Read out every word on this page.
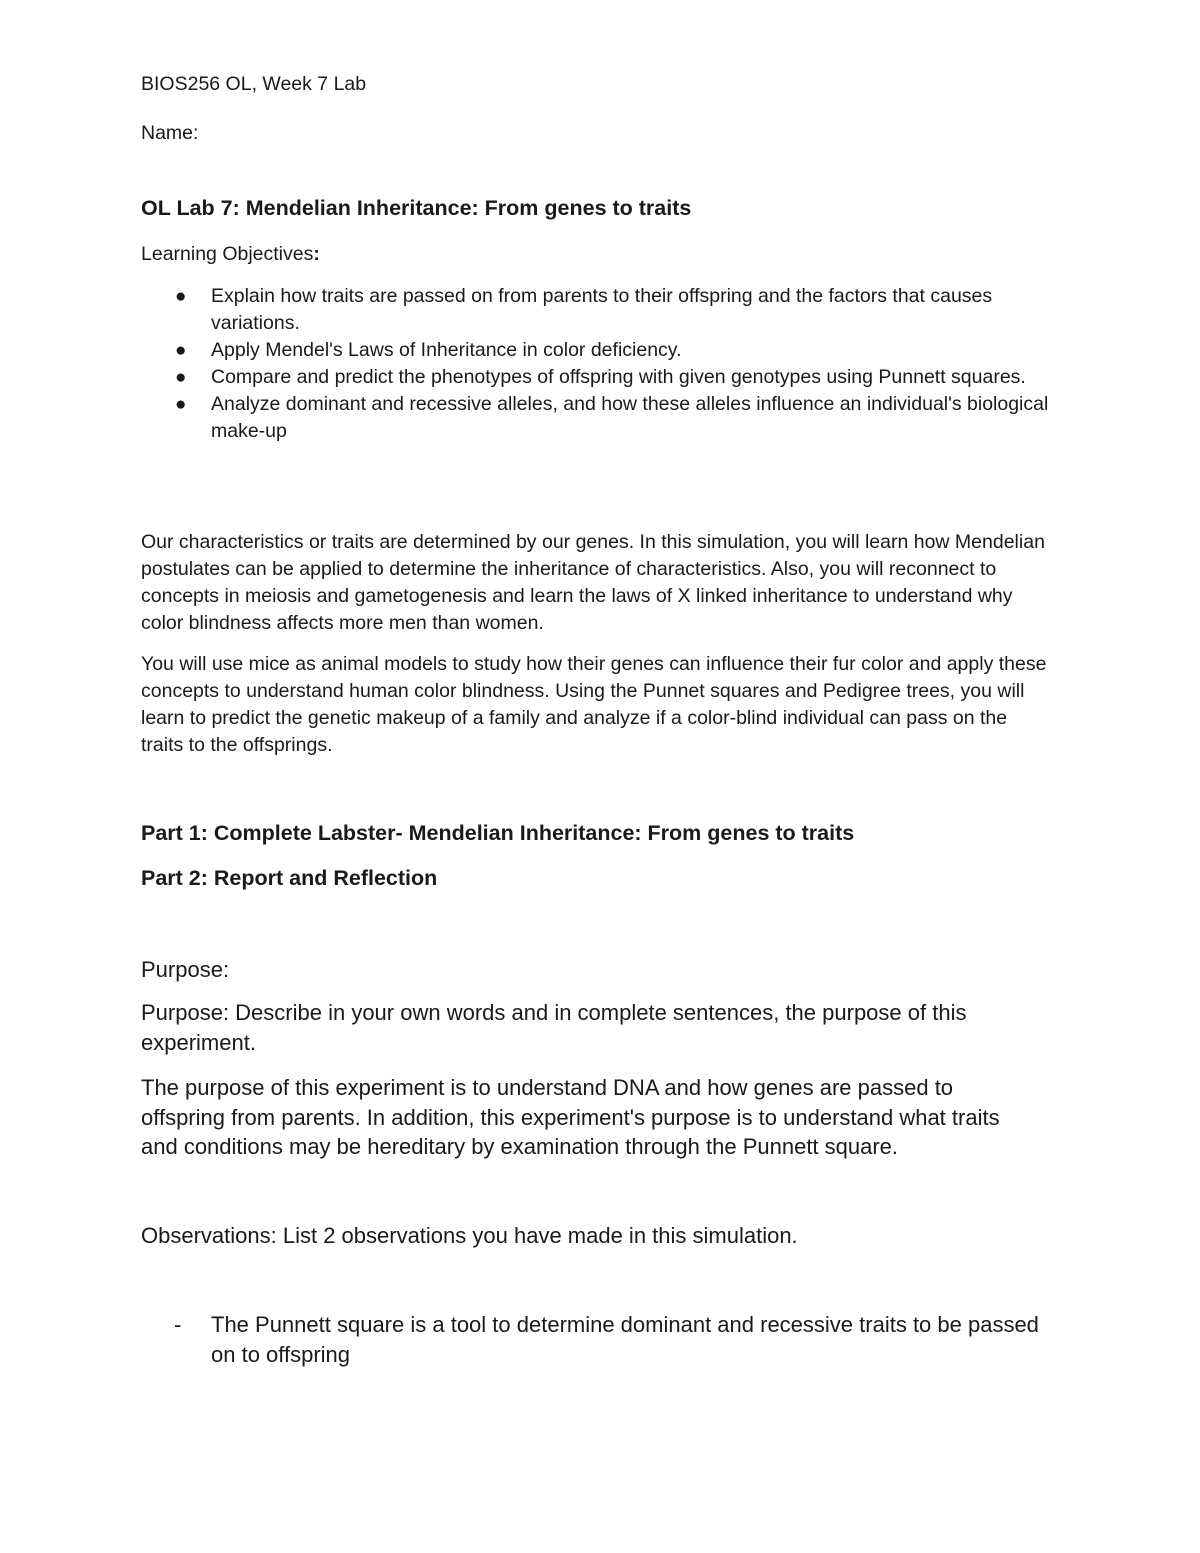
BIOS256 OL, Week 7 Lab

Name:

OL Lab 7: Mendelian Inheritance: From genes to traits

Learning Objectives:

● Explain how traits are passed on from parents to their offspring and the factors that causes variations.
● Apply Mendel's Laws of Inheritance in color deficiency.
● Compare and predict the phenotypes of offspring with given genotypes using Punnett squares.
● Analyze dominant and recessive alleles, and how these alleles influence an individual's biological make-up

Our characteristics or traits are determined by our genes. In this simulation, you will learn how Mendelian postulates can be applied to determine the inheritance of characteristics. Also, you will reconnect to concepts in meiosis and gametogenesis and learn the laws of X linked inheritance to understand why color blindness affects more men than women.

You will use mice as animal models to study how their genes can influence their fur color and apply these concepts to understand human color blindness. Using the Punnet squares and Pedigree trees, you will learn to predict the genetic makeup of a family and analyze if a color-blind individual can pass on the traits to the offsprings.

Part 1: Complete Labster- Mendelian Inheritance: From genes to traits
Part 2: Report and Reflection

Purpose:

Purpose: Describe in your own words and in complete sentences, the purpose of this experiment.

The purpose of this experiment is to understand DNA and how genes are passed to offspring from parents. In addition, this experiment's purpose is to understand what traits and conditions may be hereditary by examination through the Punnett square.

Observations: List 2 observations you have made in this simulation.

- The Punnett square is a tool to determine dominant and recessive traits to be passed on to offspring
